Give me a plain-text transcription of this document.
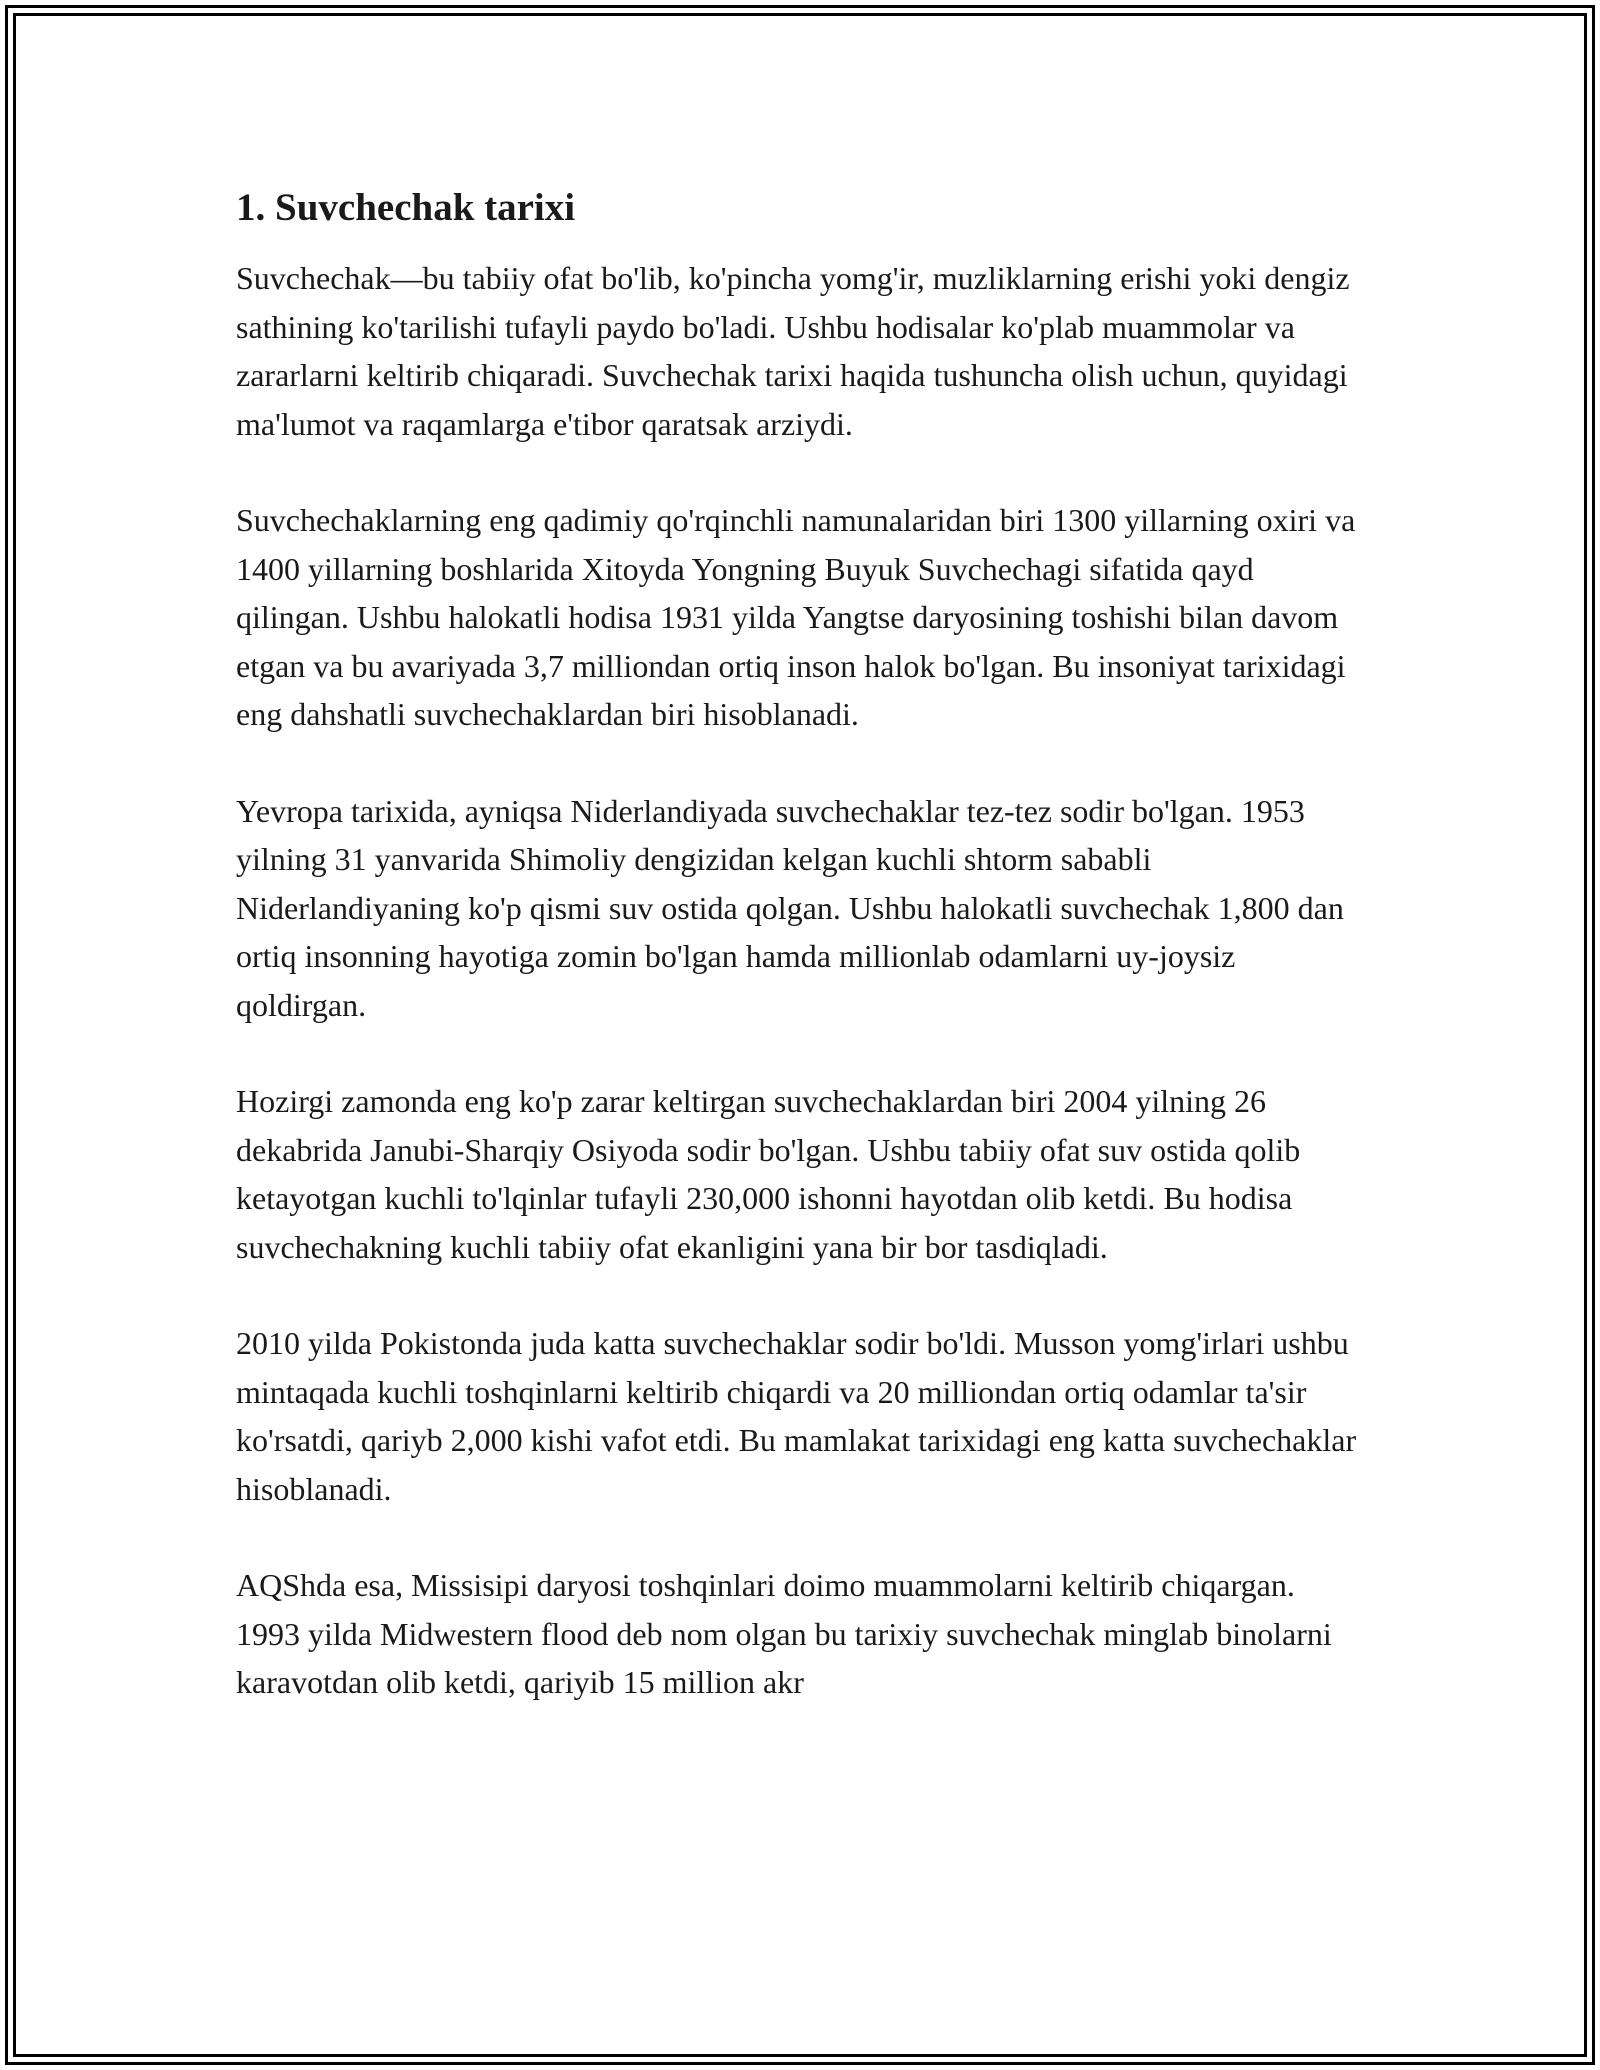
1. Suvchechak tarixi

Suvchechak—bu tabiiy ofat bo'lib, ko'pincha yomg'ir, muzliklarning erishi yoki dengiz sathining ko'tarilishi tufayli paydo bo'ladi. Ushbu hodisalar ko'plab muammolar va zararlarni keltirib chiqaradi. Suvchechak tarixi haqida tushuncha olish uchun, quyidagi ma'lumot va raqamlarga e'tibor qaratsak arziydi.

Suvchechaklarning eng qadimiy qo'rqinchli namunalaridan biri 1300 yillarning oxiri va 1400 yillarning boshlarida Xitoyda Yongning Buyuk Suvchechagi sifatida qayd qilingan. Ushbu halokatli hodisa 1931 yilda Yangtse daryosining toshishi bilan davom etgan va bu avariyada 3,7 milliondan ortiq inson halok bo'lgan. Bu insoniyat tarixidagi eng dahshatli suvchechaklardan biri hisoblanadi.

Yevropa tarixida, ayniqsa Niderlandiyada suvchechaklar tez-tez sodir bo'lgan. 1953 yilning 31 yanvarida Shimoliy dengizidan kelgan kuchli shtorm sababli Niderlandiyaning ko'p qismi suv ostida qolgan. Ushbu halokatli suvchechak 1,800 dan ortiq insonning hayotiga zomin bo'lgan hamda millionlab odamlarni uy-joysiz qoldirgan.

Hozirgi zamonda eng ko'p zarar keltirgan suvchechaklardan biri 2004 yilning 26 dekabrida Janubi-Sharqiy Osiyoda sodir bo'lgan. Ushbu tabiiy ofat suv ostida qolib ketayotgan kuchli to'lqinlar tufayli 230,000 ishonni hayotdan olib ketdi. Bu hodisa suvchechakning kuchli tabiiy ofat ekanligini yana bir bor tasdiqladi.

2010 yilda Pokistonda juda katta suvchechaklar sodir bo'ldi. Musson yomg'irlari ushbu mintaqada kuchli toshqinlarni keltirib chiqardi va 20 milliondan ortiq odamlar ta'sir ko'rsatdi, qariyb 2,000 kishi vafot etdi. Bu mamlakat tarixidagi eng katta suvchechaklar hisoblanadi.

AQShda esa, Missisipi daryosi toshqinlari doimo muammolarni keltirib chiqargan. 1993 yilda Midwestern flood deb nom olgan bu tarixiy suvchechak minglab binolarni karavotdan olib ketdi, qariyib 15 million akr
